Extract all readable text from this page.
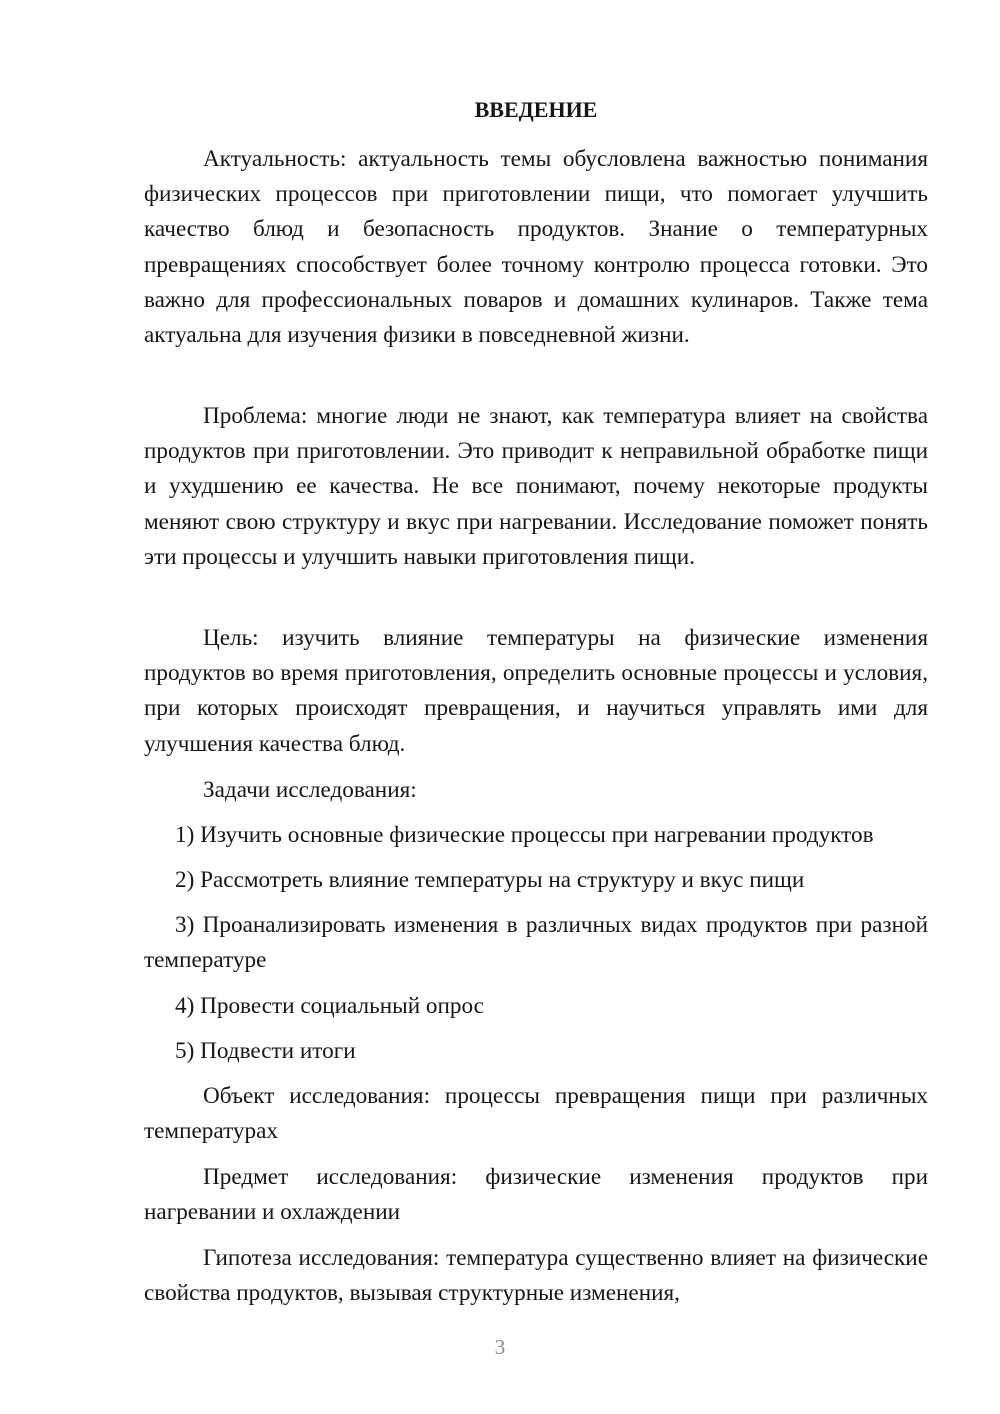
ВВЕДЕНИЕ

Актуальность: актуальность темы обусловлена важностью понимания физических процессов при приготовлении пищи, что помогает улучшить качество блюд и безопасность продуктов. Знание о температурных превращениях способствует более точному контролю процесса готовки. Это важно для профессиональных поваров и домашних кулинаров. Также тема актуальна для изучения физики в повседневной жизни.

Проблема: многие люди не знают, как температура влияет на свойства продуктов при приготовлении. Это приводит к неправильной обработке пищи и ухудшению ее качества. Не все понимают, почему некоторые продукты меняют свою структуру и вкус при нагревании. Исследование поможет понять эти процессы и улучшить навыки приготовления пищи.

Цель: изучить влияние температуры на физические изменения продуктов во время приготовления, определить основные процессы и условия, при которых происходят превращения, и научиться управлять ими для улучшения качества блюд.

Задачи исследования:

1) Изучить основные физические процессы при нагревании продуктов

2) Рассмотреть влияние температуры на структуру и вкус пищи

3) Проанализировать изменения в различных видах продуктов при разной температуре

4) Провести социальный опрос

5) Подвести итоги

Объект исследования: процессы превращения пищи при различных температурах

Предмет исследования: физические изменения продуктов при нагревании и охлаждении

Гипотеза исследования: температура существенно влияет на физические свойства продуктов, вызывая структурные изменения,

3
